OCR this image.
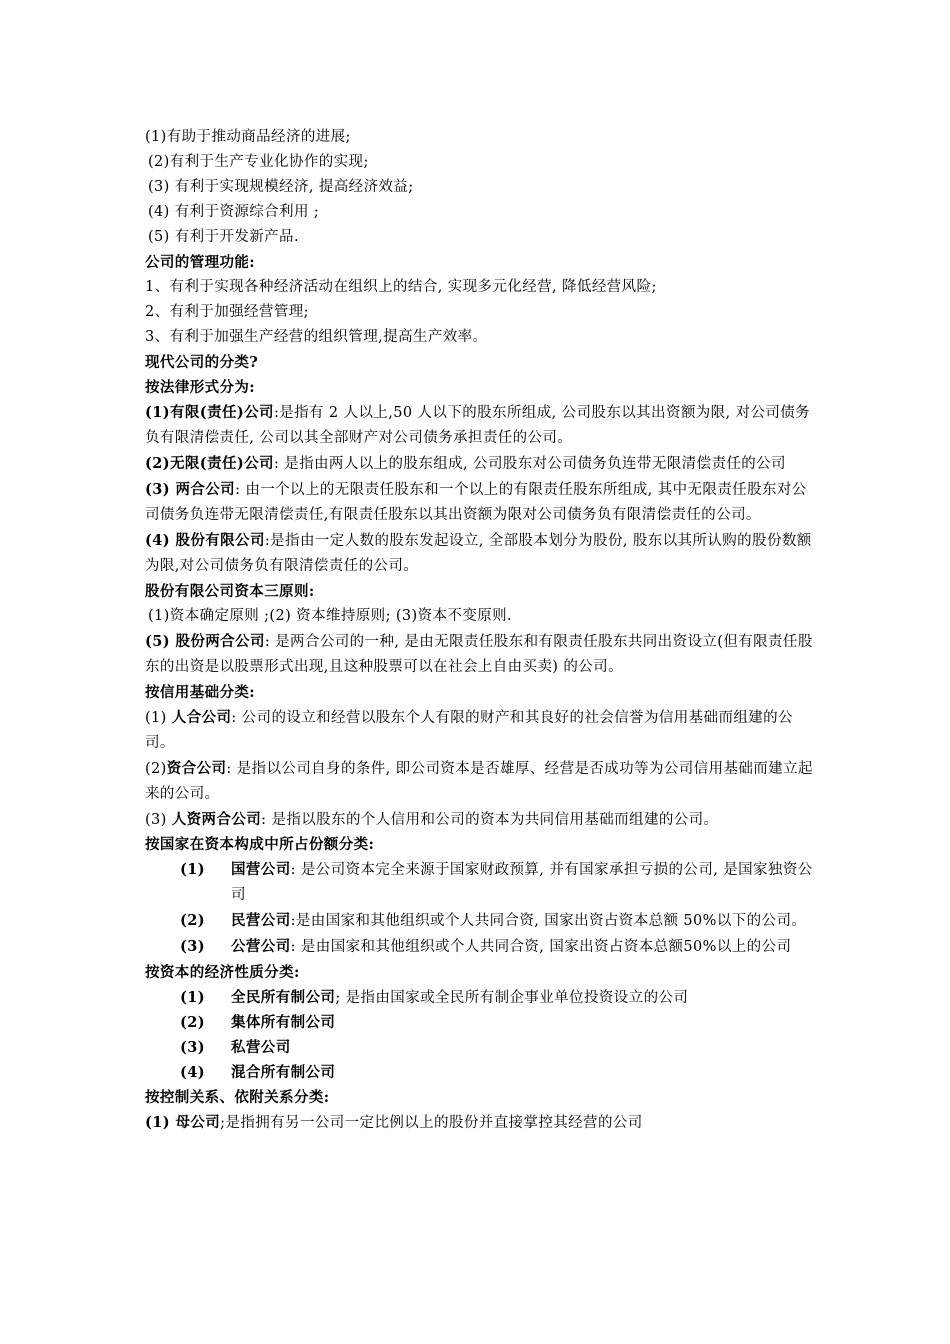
(1)有助于推动商品经济的进展;
(2)有利于生产专业化协作的实现;
(3) 有利于实现规模经济, 提高经济效益;
(4) 有利于资源综合利用 ;
(5) 有利于开发新产品.
公司的管理功能:
1、有利于实现各种经济活动在组织上的结合, 实现多元化经营, 降低经营风险;
2、有利于加强经营管理;
3、有利于加强生产经营的组织管理,提高生产效率。
现代公司的分类?
按法律形式分为:
(1)有限(责任)公司:是指有 2 人以上,50 人以下的股东所组成, 公司股东以其出资额为限, 对公司债务负有限清偿责任, 公司以其全部财产对公司债务承担责任的公司。
(2)无限(责任)公司: 是指由两人以上的股东组成, 公司股东对公司债务负连带无限清偿责任的公司
(3) 两合公司: 由一个以上的无限责任股东和一个以上的有限责任股东所组成, 其中无限责任股东对公司债务负连带无限清偿责任,有限责任股东以其出资额为限对公司债务负有限清偿责任的公司。
(4) 股份有限公司:是指由一定人数的股东发起设立, 全部股本划分为股份, 股东以其所认购的股份数额为限,对公司债务负有限清偿责任的公司。
股份有限公司资本三原则:
(1)资本确定原则 ;(2) 资本维持原则; (3)资本不变原则.
(5) 股份两合公司: 是两合公司的一种, 是由无限责任股东和有限责任股东共同出资设立(但有限责任股东的出资是以股票形式出现,且这种股票可以在社会上自由买卖) 的公司。
按信用基础分类:
(1) 人合公司: 公司的设立和经营以股东个人有限的财产和其良好的社会信誉为信用基础而组建的公司。
(2)资合公司: 是指以公司自身的条件, 即公司资本是否雄厚、经营是否成功等为公司信用基础而建立起来的公司。
(3) 人资两合公司: 是指以股东的个人信用和公司的资本为共同信用基础而组建的公司。
按国家在资本构成中所占份额分类:
(1) 国营公司: 是公司资本完全来源于国家财政预算, 并有国家承担亏损的公司, 是国家独资公司
(2) 民营公司:是由国家和其他组织或个人共同合资, 国家出资占资本总额 50%以下的公司。
(3) 公营公司: 是由国家和其他组织或个人共同合资, 国家出资占资本总额50%以上的公司
按资本的经济性质分类:
(1) 全民所有制公司; 是指由国家或全民所有制企事业单位投资设立的公司
(2) 集体所有制公司
(3) 私营公司
(4) 混合所有制公司
按控制关系、依附关系分类:
(1) 母公司;是指拥有另一公司一定比例以上的股份并直接掌控其经营的公司
